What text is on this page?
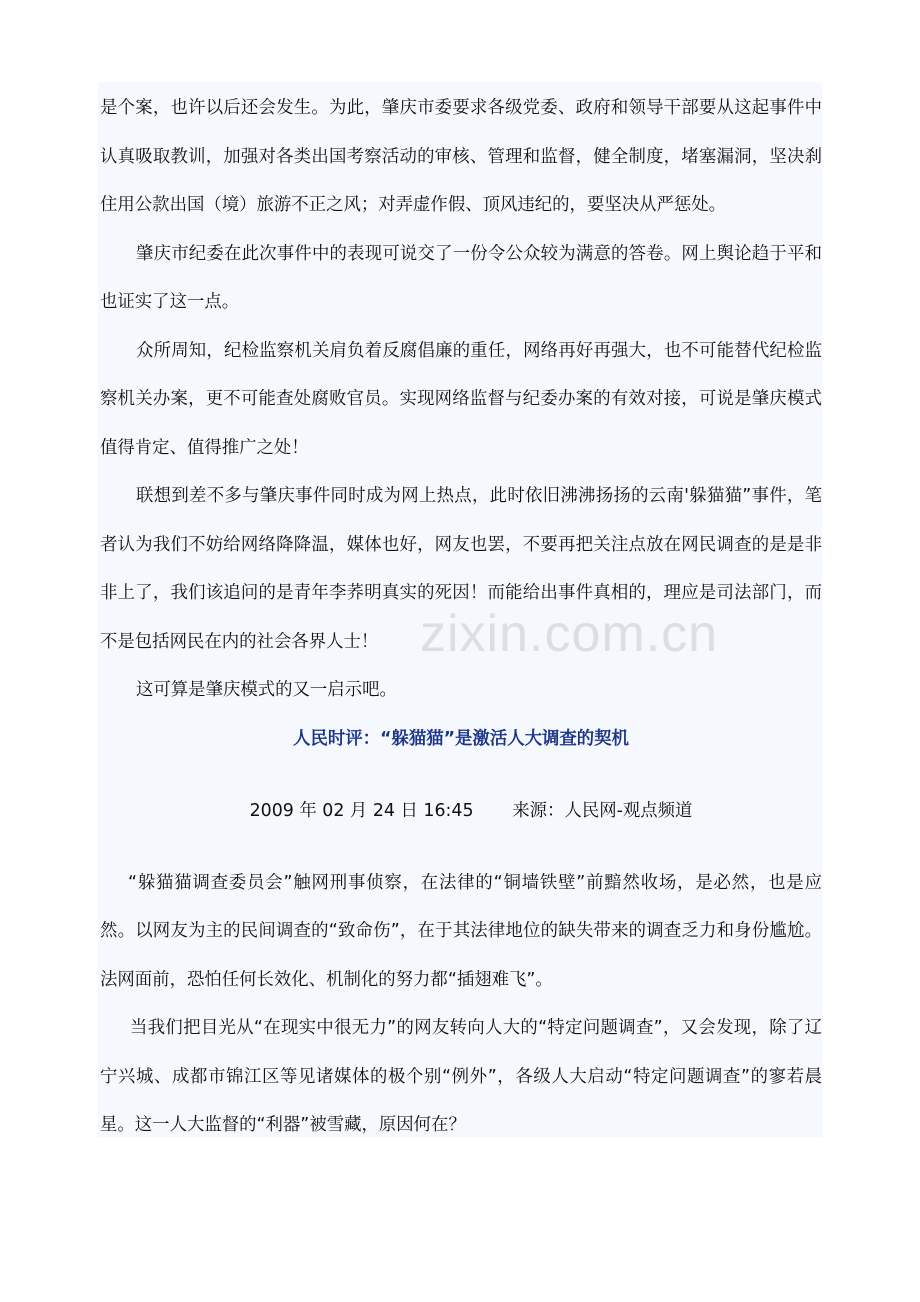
是个案，也许以后还会发生。为此，肇庆市委要求各级党委、政府和领导干部要从这起事件中认真吸取教训，加强对各类出国考察活动的审核、管理和监督，健全制度，堵塞漏洞，坚决刹住用公款出国（境）旅游不正之风；对弄虚作假、顶风违纪的，要坚决从严惩处。

肇庆市纪委在此次事件中的表现可说交了一份令公众较为满意的答卷。网上舆论趋于平和也证实了这一点。

众所周知，纪检监察机关肩负着反腐倡廉的重任，网络再好再强大，也不可能替代纪检监察机关办案，更不可能查处腐败官员。实现网络监督与纪委办案的有效对接，可说是肇庆模式值得肯定、值得推广之处！

联想到差不多与肇庆事件同时成为网上热点，此时依旧沸沸扬扬的云南'躲猫猫”事件，笔者认为我们不妨给网络降降温，媒体也好，网友也罢，不要再把关注点放在网民调查的是是非非上了，我们该追问的是青年李荞明真实的死因！而能给出事件真相的，理应是司法部门，而不是包括网民在内的社会各界人士！

这可算是肇庆模式的又一启示吧。

人民时评：“躲猫猫”是激活人大调查的契机

2009 年 02 月 24 日 16:45 来源：人民网-观点频道

“躲猫猫调查委员会”触网刑事侦察，在法律的“铜墙铁壁”前黯然收场，是必然，也是应然。以网友为主的民间调查的“致命伤”，在于其法律地位的缺失带来的调查乏力和身份尴尬。法网面前，恐怕任何长效化、机制化的努力都“插翅难飞”。

当我们把目光从“在现实中很无力”的网友转向人大的“特定问题调查”，又会发现，除了辽宁兴城、成都市锦江区等见诸媒体的极个别“例外”，各级人大启动“特定问题调查”的寥若晨星。这一人大监督的“利器”被雪藏，原因何在？

zixin.com.cn
